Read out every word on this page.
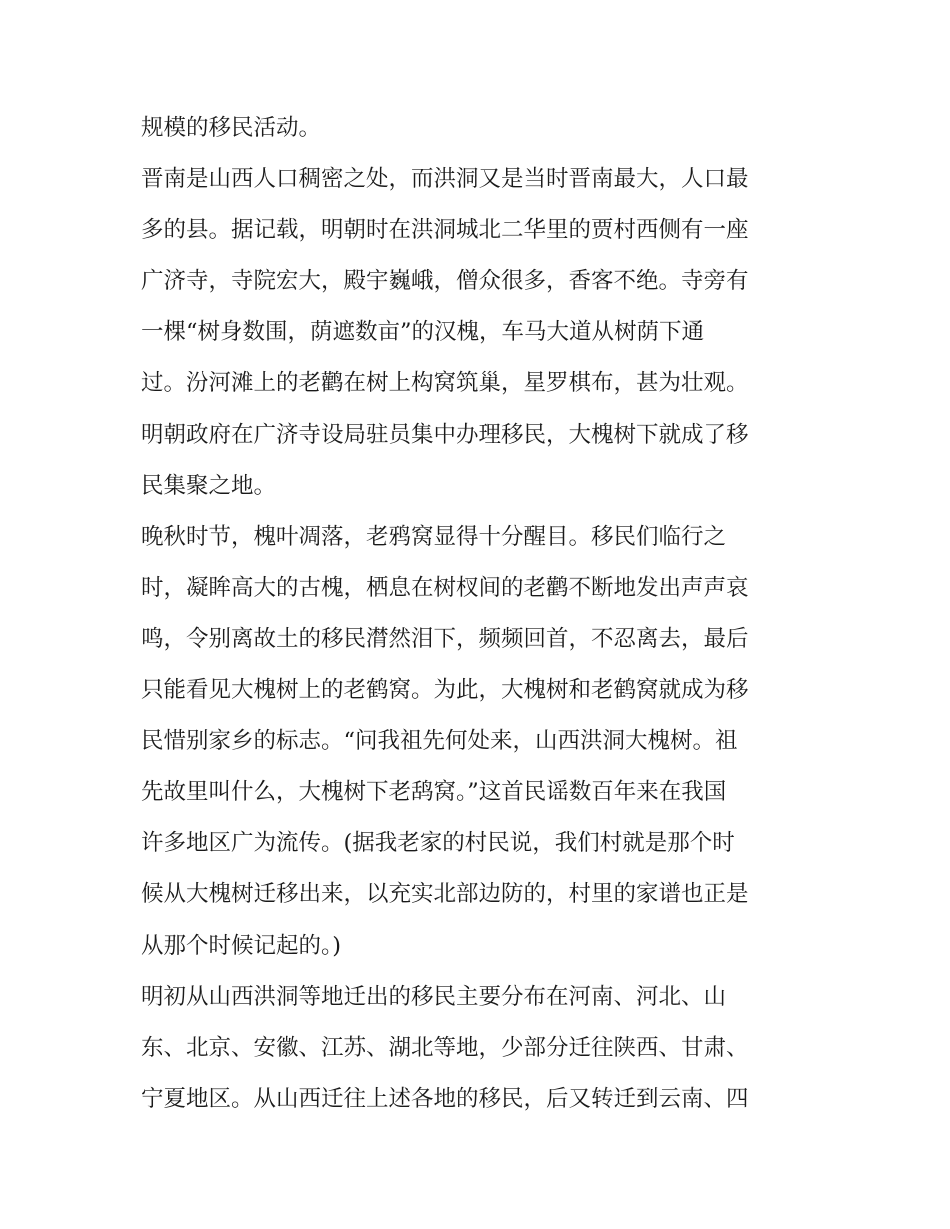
规模的移民活动。
晋南是山西人口稠密之处，而洪洞又是当时晋南最大，人口最
多的县。据记载，明朝时在洪洞城北二华里的贾村西侧有一座
广济寺，寺院宏大，殿宇巍峨，僧众很多，香客不绝。寺旁有
一棵“树身数围，荫遮数亩”的汉槐，车马大道从树荫下通
过。汾河滩上的老鹳在树上构窝筑巢，星罗棋布，甚为壮观。
明朝政府在广济寺设局驻员集中办理移民，大槐树下就成了移
民集聚之地。
晚秋时节，槐叶凋落，老鸦窝显得十分醒目。移民们临行之
时，凝眸高大的古槐，栖息在树杈间的老鹳不断地发出声声哀
鸣，令别离故土的移民潸然泪下，频频回首，不忍离去，最后
只能看见大槐树上的老鹤窝。为此，大槐树和老鹤窝就成为移
民惜别家乡的标志。“问我祖先何处来，山西洪洞大槐树。祖
先故里叫什么，大槐树下老鸹窝。”这首民谣数百年来在我国
许多地区广为流传。(据我老家的村民说，我们村就是那个时
候从大槐树迁移出来，以充实北部边防的，村里的家谱也正是
从那个时候记起的。)
明初从山西洪洞等地迁出的移民主要分布在河南、河北、山
东、北京、安徽、江苏、湖北等地，少部分迁往陕西、甘肃、
宁夏地区。从山西迁往上述各地的移民，后又转迁到云南、四
